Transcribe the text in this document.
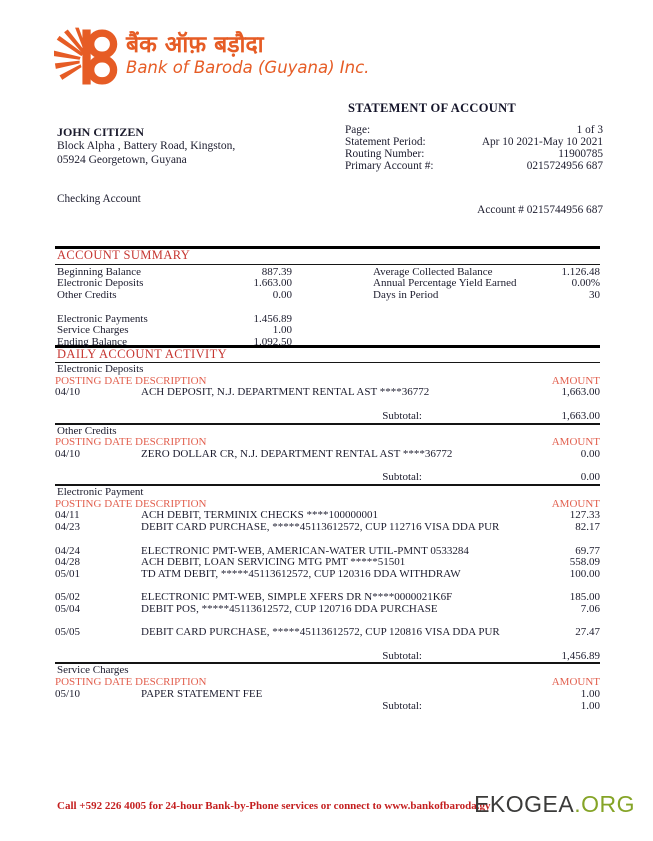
बैंक ऑफ़ बड़ौदा
Bank of Baroda (Guyana) Inc.
STATEMENT OF ACCOUNT
JOHN CITIZEN
Block Alpha , Battery Road, Kingston,
05924 Georgetown, Guyana
Page:	1 of 3
Statement Period:	Apr 10 2021-May 10 2021
Routing Number:	11900785
Primary Account #:	0215724956 687
Checking Account
Account # 0215744956 687
ACCOUNT SUMMARY
Beginning Balance	887.39
Electronic Deposits	1.663.00
Other Credits	0.00
Electronic Payments	1.456.89
Service Charges	1.00
Ending Balance	1.092.50
Average Collected Balance	1.126.48
Annual Percentage Yield Earned	0.00%
Days in Period	30
DAILY ACCOUNT ACTIVITY
Electronic Deposits
POSTING DATE DESCRIPTION	AMOUNT
04/10	ACH DEPOSIT, N.J. DEPARTMENT RENTAL AST ****36772	1,663.00
Subtotal:	1,663.00
Other Credits
POSTING DATE DESCRIPTION	AMOUNT
04/10	ZERO DOLLAR CR, N.J. DEPARTMENT RENTAL AST ****36772	0.00
Subtotal:	0.00
Electronic Payment
POSTING DATE DESCRIPTION	AMOUNT
04/11	ACH DEBIT, TERMINIX CHECKS ****100000001	127.33
04/23	DEBIT CARD PURCHASE, *****45113612572, CUP 112716 VISA DDA PUR	82.17
04/24	ELECTRONIC PMT-WEB, AMERICAN-WATER UTIL-PMNT 0533284	69.77
04/28	ACH DEBIT, LOAN SERVICING MTG PMT *****51501	558.09
05/01	TD ATM DEBIT, *****45113612572, CUP 120316 DDA WITHDRAW	100.00
05/02	ELECTRONIC PMT-WEB, SIMPLE XFERS DR N****0000021K6F	185.00
05/04	DEBIT POS, *****45113612572, CUP 120716 DDA PURCHASE	7.06
05/05	DEBIT CARD PURCHASE, *****45113612572, CUP 120816 VISA DDA PUR	27.47
Subtotal:	1,456.89
Service Charges
POSTING DATE DESCRIPTION	AMOUNT
05/10	PAPER STATEMENT FEE	1.00
Subtotal:	1.00
Call +592 226 4005 for 24-hour Bank-by-Phone services or connect to www.bankofbaroda.gy
EKOGEA.ORG
